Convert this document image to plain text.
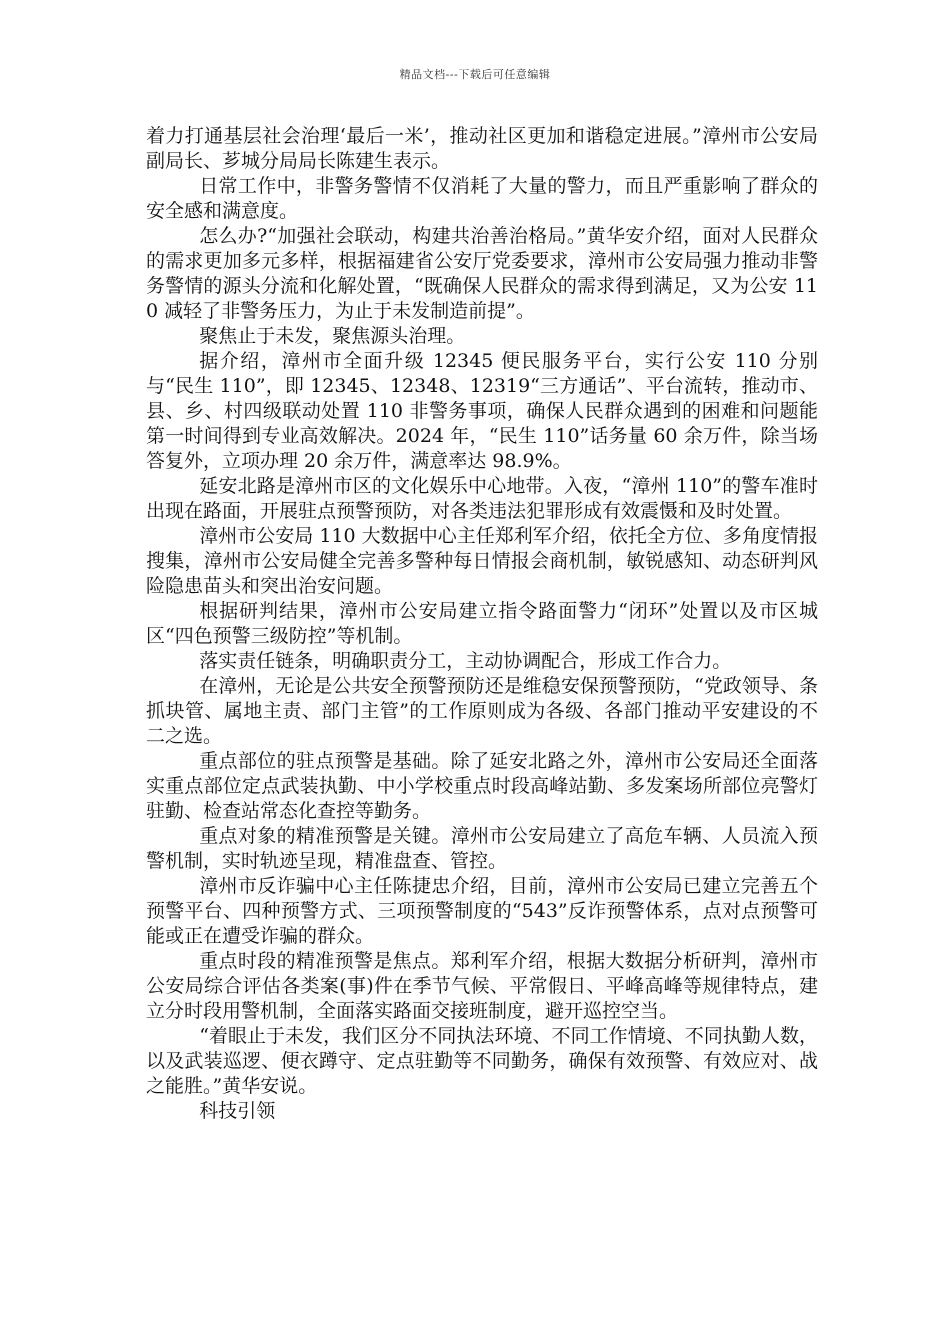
精品文档---下载后可任意编辑

着力打通基层社会治理‘最后一米’，推动社区更加和谐稳定进展。”漳州市公安局副局长、芗城分局局长陈建生表示。

日常工作中，非警务警情不仅消耗了大量的警力，而且严重影响了群众的安全感和满意度。

怎么办?“加强社会联动，构建共治善治格局。”黄华安介绍，面对人民群众的需求更加多元多样，根据福建省公安厅党委要求，漳州市公安局强力推动非警务警情的源头分流和化解处置，“既确保人民群众的需求得到满足，又为公安 110 减轻了非警务压力，为止于未发制造前提”。

聚焦止于未发，聚焦源头治理。

据介绍，漳州市全面升级 12345 便民服务平台，实行公安 110 分别与“民生 110”，即 12345、12348、12319“三方通话”、平台流转，推动市、县、乡、村四级联动处置 110 非警务事项，确保人民群众遇到的困难和问题能第一时间得到专业高效解决。2024 年，“民生 110”话务量 60 余万件，除当场答复外，立项办理 20 余万件，满意率达 98.9%。

延安北路是漳州市区的文化娱乐中心地带。入夜，“漳州 110”的警车准时出现在路面，开展驻点预警预防，对各类违法犯罪形成有效震慑和及时处置。

漳州市公安局 110 大数据中心主任郑利军介绍，依托全方位、多角度情报搜集，漳州市公安局健全完善多警种每日情报会商机制，敏锐感知、动态研判风险隐患苗头和突出治安问题。

根据研判结果，漳州市公安局建立指令路面警力“闭环”处置以及市区城区“四色预警三级防控”等机制。

落实责任链条，明确职责分工，主动协调配合，形成工作合力。

在漳州，无论是公共安全预警预防还是维稳安保预警预防，“党政领导、条抓块管、属地主责、部门主管”的工作原则成为各级、各部门推动平安建设的不二之选。

重点部位的驻点预警是基础。除了延安北路之外，漳州市公安局还全面落实重点部位定点武装执勤、中小学校重点时段高峰站勤、多发案场所部位亮警灯驻勤、检查站常态化查控等勤务。

重点对象的精准预警是关键。漳州市公安局建立了高危车辆、人员流入预警机制，实时轨迹呈现，精准盘查、管控。

漳州市反诈骗中心主任陈捷忠介绍，目前，漳州市公安局已建立完善五个预警平台、四种预警方式、三项预警制度的“543”反诈预警体系，点对点预警可能或正在遭受诈骗的群众。

重点时段的精准预警是焦点。郑利军介绍，根据大数据分析研判，漳州市公安局综合评估各类案(事)件在季节气候、平常假日、平峰高峰等规律特点，建立分时段用警机制，全面落实路面交接班制度，避开巡控空当。

“着眼止于未发，我们区分不同执法环境、不同工作情境、不同执勤人数，以及武装巡逻、便衣蹲守、定点驻勤等不同勤务，确保有效预警、有效应对、战之能胜。”黄华安说。

科技引领
